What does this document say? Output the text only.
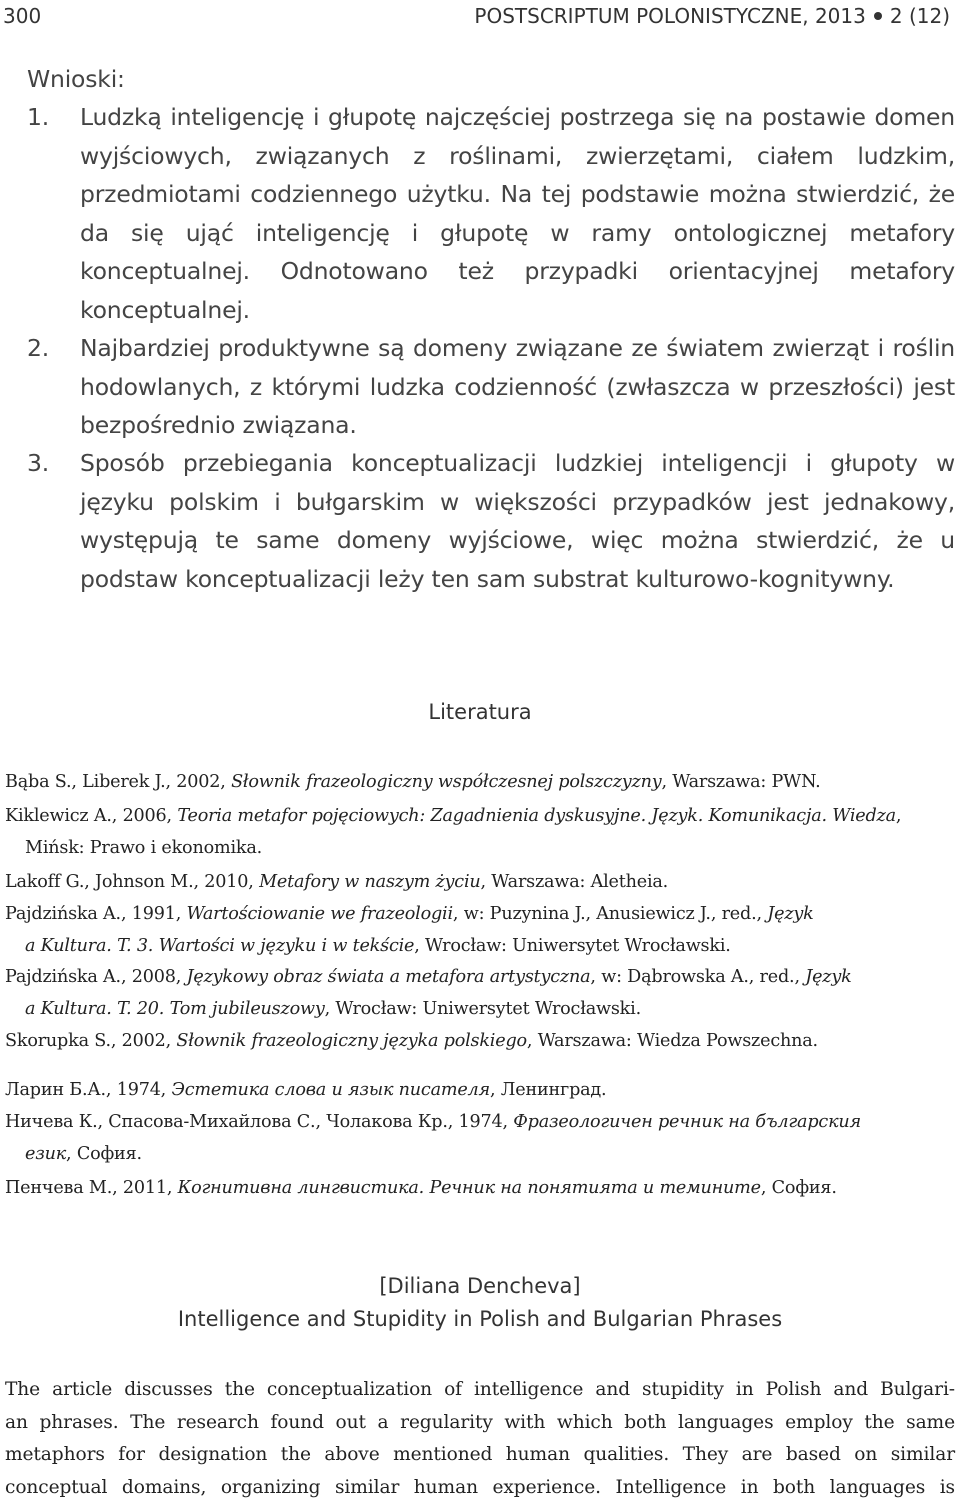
300	POSTSCRIPTUM POLONISTYCZNE, 2013 2 (12)
Wnioski:
1. Ludzką inteligencję i głupotę najczęściej postrzega się na postawie domen wyjściowych, związanych z roślinami, zwierzętami, ciałem ludzkim, przedmiotami codziennego użytku. Na tej podstawie można stwierdzić, że da się ująć inteligencję i głupotę w ramy ontologicznej metafory konceptualnej. Odnotowano też przypadki orientacyjnej metafory konceptualnej.
2. Najbardziej produktywne są domeny związane ze światem zwierząt i roślin hodowlanych, z którymi ludzka codzienność (zwłaszcza w przeszłości) jest bezpośrednio związana.
3. Sposób przebiegania konceptualizacji ludzkiej inteligencji i głupoty w języku polskim i bułgarskim w większości przypadków jest jednakowy, występują te same domeny wyjściowe, więc można stwierdzić, że u podstaw konceptualizacji leży ten sam substrat kulturowo-kognitywny.
Literatura
Bąba S., Liberek J., 2002, Słownik frazeologiczny współczesnej polszczyzny, Warszawa: PWN.
Kiklewicz A., 2006, Teoria metafor pojęciowych: Zagadnienia dyskusyjne. Język. Komunikacja. Wiedza,
Mińsk: Prawo i ekonomika.
Lakoff G., Johnson M., 2010, Metafory w naszym życiu, Warszawa: Aletheia.
Pajdzińska A., 1991, Wartościowanie we frazeologii, w: Puzynina J., Anusiewicz J., red., Język
a Kultura. T. 3. Wartości w języku i w tekście, Wrocław: Uniwersytet Wrocławski.
Pajdzińska A., 2008, Językowy obraz świata a metafora artystyczna, w: Dąbrowska A., red., Język
a Kultura. T. 20. Tom jubileuszowy, Wrocław: Uniwersytet Wrocławski.
Skorupka S., 2002, Słownik frazeologiczny języka polskiego, Warszawa: Wiedza Powszechna.
Ларин Б.А., 1974, Эстетика слова и язык писателя, Ленинград.
Ничева К., Спасова-Михайлова С., Чолакова Кр., 1974, Фразеологичен речник на българския
език, София.
Пенчева М., 2011, Когнитивна лингвистика. Речник на понятията и темините, София.
[Diliana Dencheva]
Intelligence and Stupidity in Polish and Bulgarian Phrases
The article discusses the conceptualization of intelligence and stupidity in Polish and Bulgari-
an phrases. The research found out a regularity with which both languages employ the same
metaphors for designation the above mentioned human qualities. They are based on similar
conceptual domains, organizing similar human experience. Intelligence in both languages is
